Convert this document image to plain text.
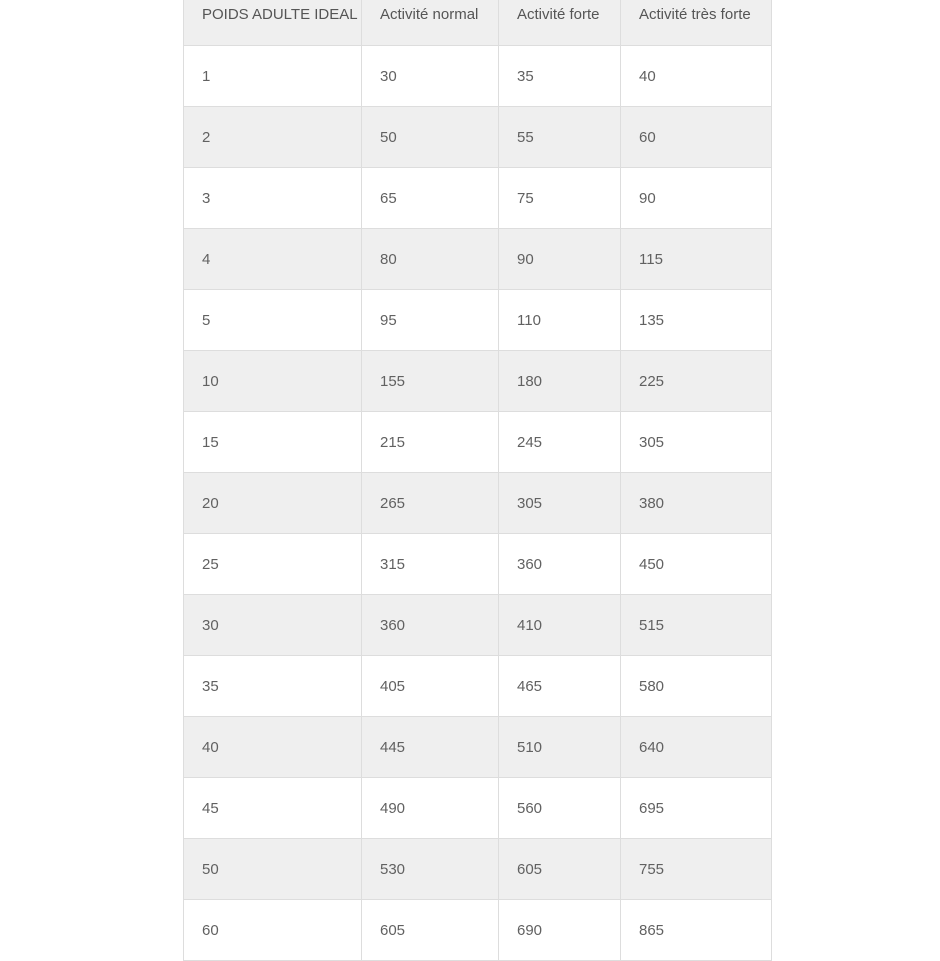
POIDS ADULTE IDEAL	Activité normal	Activité forte	Activité très forte
1	30	35	40
2	50	55	60
3	65	75	90
4	80	90	115
5	95	110	135
10	155	180	225
15	215	245	305
20	265	305	380
25	315	360	450
30	360	410	515
35	405	465	580
40	445	510	640
45	490	560	695
50	530	605	755
60	605	690	865
